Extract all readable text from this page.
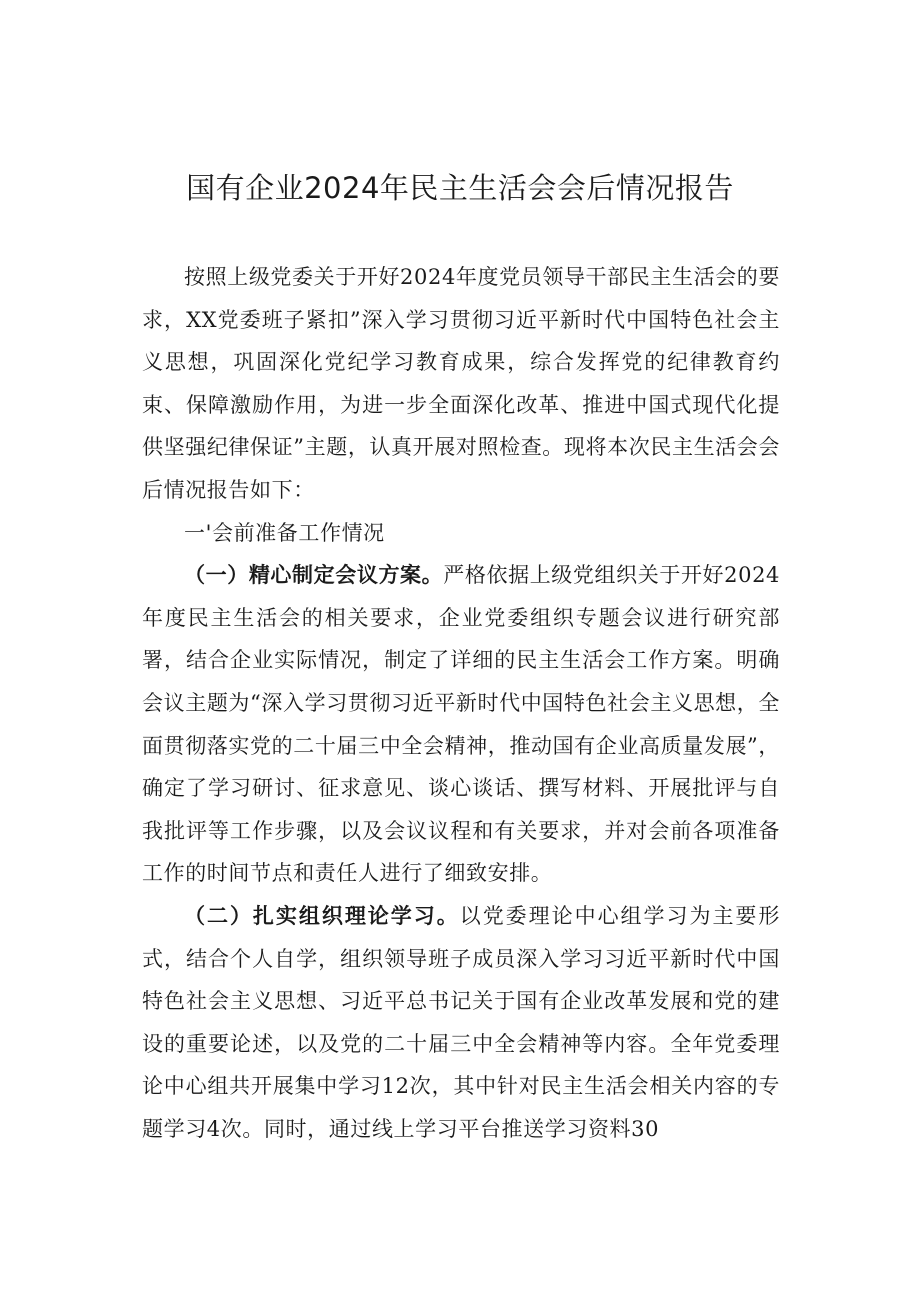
国有企业2024年民主生活会会后情况报告

按照上级党委关于开好2024年度党员领导干部民主生活会的要求，XX党委班子紧扣”深入学习贯彻习近平新时代中国特色社会主义思想，巩固深化党纪学习教育成果，综合发挥党的纪律教育约束、保障激励作用，为进一步全面深化改革、推进中国式现代化提供坚强纪律保证”主题，认真开展对照检查。现将本次民主生活会会后情况报告如下：

一'会前准备工作情况

（一）精心制定会议方案。严格依据上级党组织关于开好2024年度民主生活会的相关要求，企业党委组织专题会议进行研究部署，结合企业实际情况，制定了详细的民主生活会工作方案。明确会议主题为“深入学习贯彻习近平新时代中国特色社会主义思想，全面贯彻落实党的二十届三中全会精神，推动国有企业高质量发展”，确定了学习研讨、征求意见、谈心谈话、撰写材料、开展批评与自我批评等工作步骤，以及会议议程和有关要求，并对会前各项准备工作的时间节点和责任人进行了细致安排。

（二）扎实组织理论学习。以党委理论中心组学习为主要形式，结合个人自学，组织领导班子成员深入学习习近平新时代中国特色社会主义思想、习近平总书记关于国有企业改革发展和党的建设的重要论述，以及党的二十届三中全会精神等内容。全年党委理论中心组共开展集中学习12次，其中针对民主生活会相关内容的专题学习4次。同时，通过线上学习平台推送学习资料30
